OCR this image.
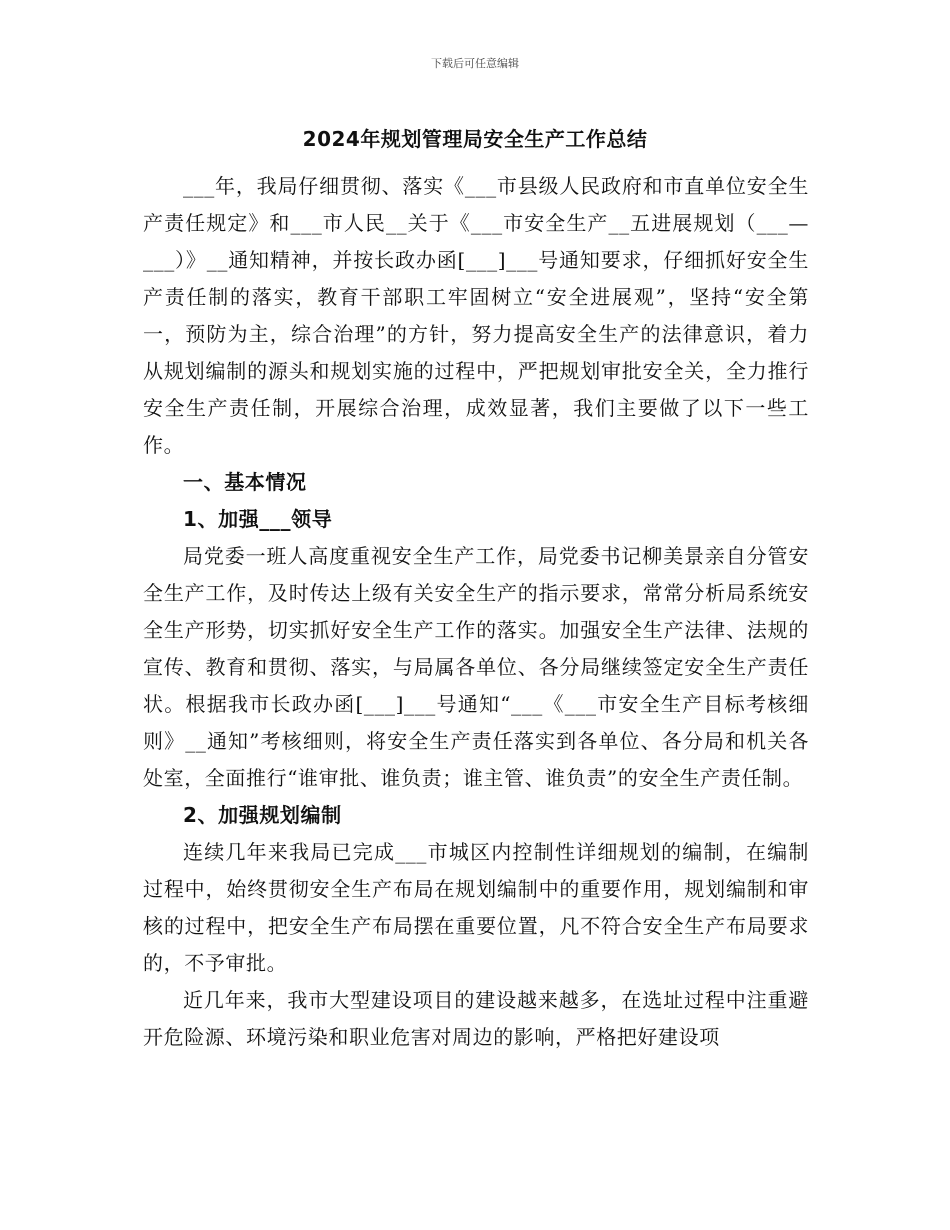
下载后可任意编辑
2024年规划管理局安全生产工作总结

___年，我局仔细贯彻、落实《___市县级人民政府和市直单位安全生产责任规定》和___市人民__关于《___市安全生产__五进展规划（___—___）》__通知精神，并按长政办函[___]___号通知要求，仔细抓好安全生产责任制的落实，教育干部职工牢固树立“安全进展观”，坚持“安全第一，预防为主，综合治理”的方针，努力提高安全生产的法律意识，着力从规划编制的源头和规划实施的过程中，严把规划审批安全关，全力推行安全生产责任制，开展综合治理，成效显著，我们主要做了以下一些工作。

一、基本情况
1、加强___领导

局党委一班人高度重视安全生产工作，局党委书记柳美景亲自分管安全生产工作，及时传达上级有关安全生产的指示要求，常常分析局系统安全生产形势，切实抓好安全生产工作的落实。加强安全生产法律、法规的宣传、教育和贯彻、落实，与局属各单位、各分局继续签定安全生产责任状。根据我市长政办函[___]___号通知“___《___市安全生产目标考核细则》__通知”考核细则，将安全生产责任落实到各单位、各分局和机关各处室，全面推行“谁审批、谁负责；谁主管、谁负责”的安全生产责任制。

2、加强规划编制

连续几年来我局已完成___市城区内控制性详细规划的编制，在编制过程中，始终贯彻安全生产布局在规划编制中的重要作用，规划编制和审核的过程中，把安全生产布局摆在重要位置，凡不符合安全生产布局要求的，不予审批。

近几年来，我市大型建设项目的建设越来越多，在选址过程中注重避开危险源、环境污染和职业危害对周边的影响，严格把好建设项
